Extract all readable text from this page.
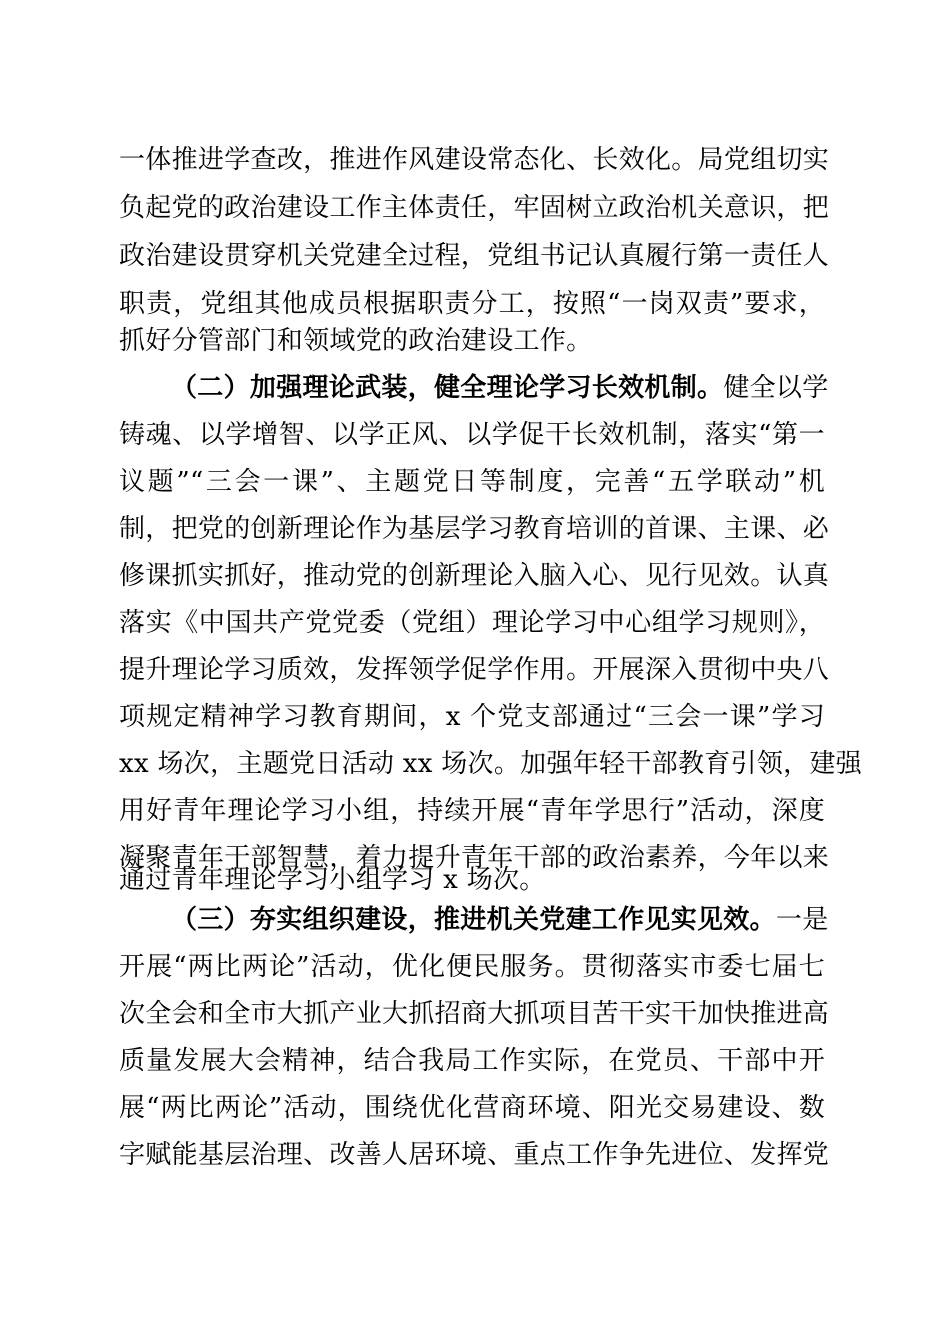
一体推进学查改，推进作风建设常态化、长效化。局党组切实
负起党的政治建设工作主体责任，牢固树立政治机关意识，把
政治建设贯穿机关党建全过程，党组书记认真履行第一责任人
职责，党组其他成员根据职责分工，按照“一岗双责”要求，
抓好分管部门和领域党的政治建设工作。
（二）加强理论武装，健全理论学习长效机制。健全以学
铸魂、以学增智、以学正风、以学促干长效机制，落实“第一
议题”“三会一课”、主题党日等制度，完善“五学联动”机
制，把党的创新理论作为基层学习教育培训的首课、主课、必
修课抓实抓好，推动党的创新理论入脑入心、见行见效。认真
落实《中国共产党党委（党组）理论学习中心组学习规则》，
提升理论学习质效，发挥领学促学作用。开展深入贯彻中央八
项规定精神学习教育期间，x 个党支部通过“三会一课”学习
xx 场次，主题党日活动 xx 场次。加强年轻干部教育引领，建强
用好青年理论学习小组，持续开展“青年学思行”活动，深度
凝聚青年干部智慧，着力提升青年干部的政治素养，今年以来
通过青年理论学习小组学习 x 场次。
（三）夯实组织建设，推进机关党建工作见实见效。一是
开展“两比两论”活动，优化便民服务。贯彻落实市委七届七
次全会和全市大抓产业大抓招商大抓项目苦干实干加快推进高
质量发展大会精神，结合我局工作实际，在党员、干部中开
展“两比两论”活动，围绕优化营商环境、阳光交易建设、数
字赋能基层治理、改善人居环境、重点工作争先进位、发挥党
